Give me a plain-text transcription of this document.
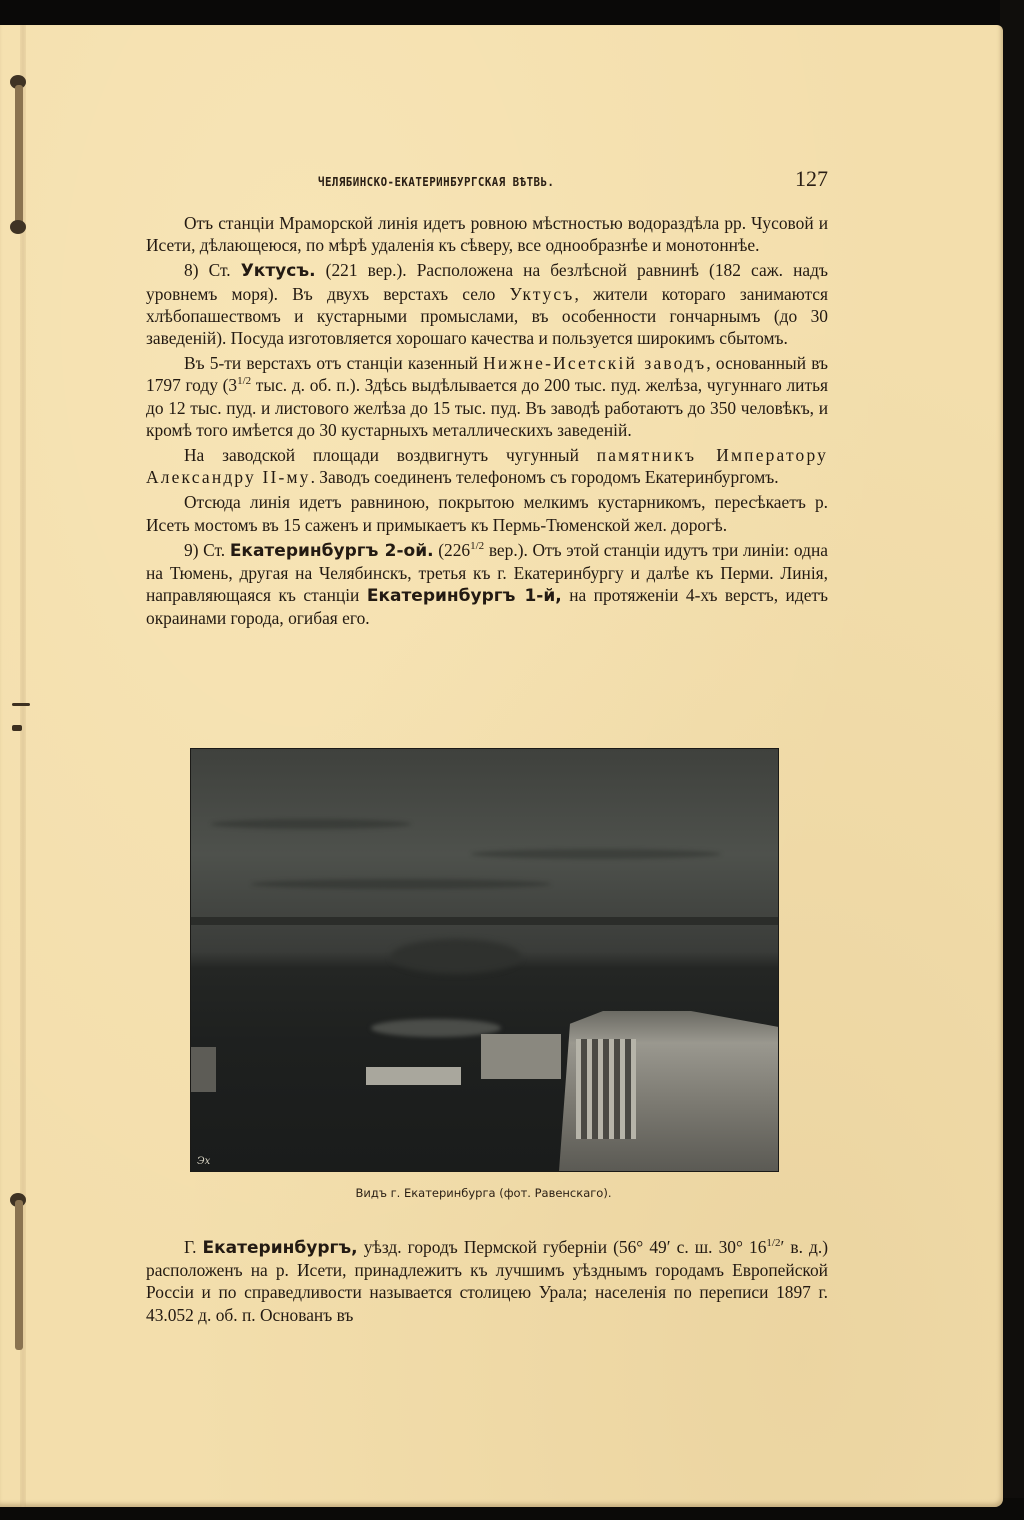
ЧЕЛЯБИНСКО-ЕКАТЕРИНБУРГСКАЯ ВѢТВЬ.	127

Отъ станціи Мраморской линія идетъ ровною мѣстностью водораздѣла рр. Чусовой и Исети, дѣлающеюся, по мѣрѣ удаленія къ сѣверу, все однообразнѣе и монотоннѣе.

8) Ст. Уктусъ. (221 вер.). Расположена на безлѣсной равнинѣ (182 саж. надъ уровнемъ моря). Въ двухъ верстахъ село Уктусъ, жители котораго занимаются хлѣбопашествомъ и кустарными промыслами, въ особенности гончарнымъ (до 30 заведеній). Посуда изготовляется хорошаго качества и пользуется широкимъ сбытомъ.

Въ 5-ти верстахъ отъ станціи казенный Нижне-Исетскій заводъ, основанный въ 1797 году ($3^{1/2}$ тыс. д. об. п.). Здѣсь выдѣлывается до 200 тыс. пуд. желѣза, чугуннаго литья до 12 тыс. пуд. и листового желѣза до 15 тыс. пуд. Въ заводѣ работаютъ до 350 человѣкъ, и кромѣ того имѣется до 30 кустарныхъ металлическихъ заведеній.

На заводской площади воздвигнутъ чугунный памятникъ Императору Александру II-му. Заводъ соединенъ телефономъ съ городомъ Екатеринбургомъ.

Отсюда линія идетъ равниною, покрытою мелкимъ кустарникомъ, пересѣкаетъ р. Исеть мостомъ въ 15 саженъ и примыкаетъ къ Пермь-Тюменской жел. дорогѣ.

9) Ст. Екатеринбургъ 2-ой. ($226^{1/2}$ вер.). Отъ этой станціи идутъ три линіи: одна на Тюмень, другая на Челябинскъ, третья къ г. Екатеринбургу и далѣе къ Перми. Линія, направляющаяся къ станціи Екатеринбургъ 1-й, на протяженіи 4-хъ верстъ, идетъ окраинами города, огибая его.

Эх
Видъ г. Екатеринбурга (фот. Равенскаго).

Г. Екатеринбургъ, уѣзд. городъ Пермской губерніи (56° 49′ с. ш. 30° $16^{1/2}'$ в. д.) расположенъ на р. Исети, принадлежитъ къ лучшимъ уѣзднымъ городамъ Европейской Россіи и по справедливости называется столицею Урала; населенія по переписи 1897 г. 43.052 д. об. п. Основанъ въ
